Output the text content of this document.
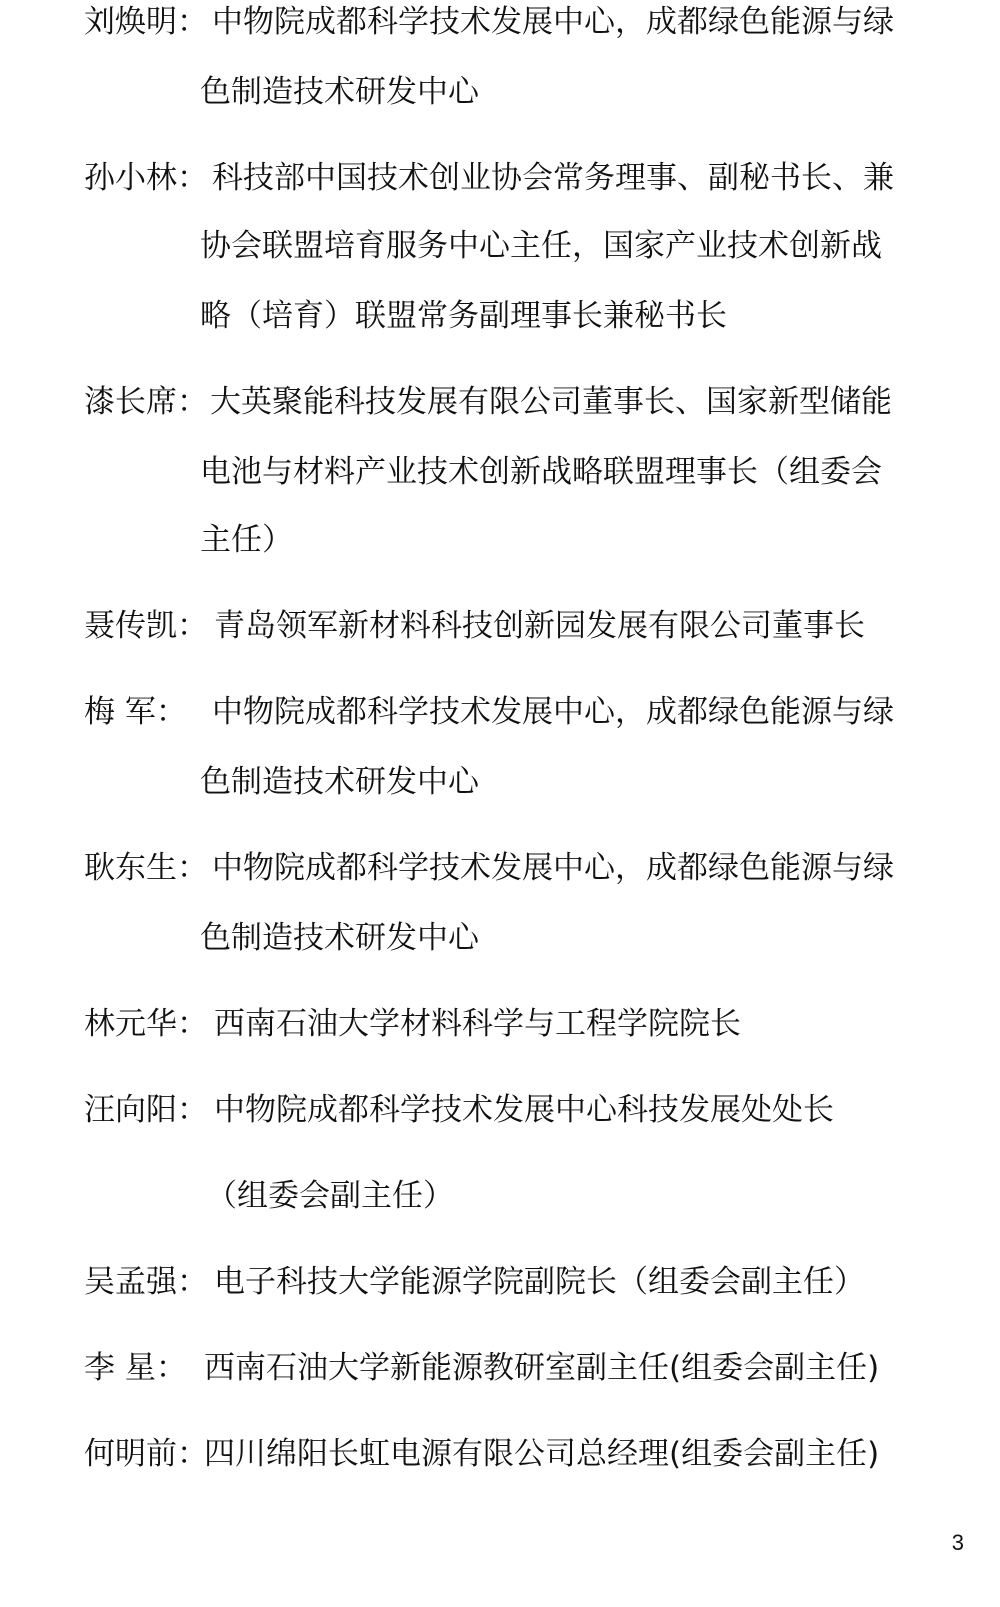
刘焕明： 中物院成都科学技术发展中心，成都绿色能源与绿
色制造技术研发中心
孙小林： 科技部中国技术创业协会常务理事、副秘书长、兼
协会联盟培育服务中心主任，国家产业技术创新战
略（培育）联盟常务副理事长兼秘书长
漆长席： 大英聚能科技发展有限公司董事长、国家新型储能
电池与材料产业技术创新战略联盟理事长（组委会
主任）
聂传凯： 青岛领军新材料科技创新园发展有限公司董事长
梅 军： 中物院成都科学技术发展中心，成都绿色能源与绿
色制造技术研发中心
耿东生： 中物院成都科学技术发展中心，成都绿色能源与绿
色制造技术研发中心
林元华： 西南石油大学材料科学与工程学院院长
汪向阳： 中物院成都科学技术发展中心科技发展处处长
（组委会副主任）
吴孟强： 电子科技大学能源学院副院长（组委会副主任）
李 星： 西南石油大学新能源教研室副主任(组委会副主任)
何明前：
四川绵阳长虹电源有限公司总经理(组委会副主任)
3
